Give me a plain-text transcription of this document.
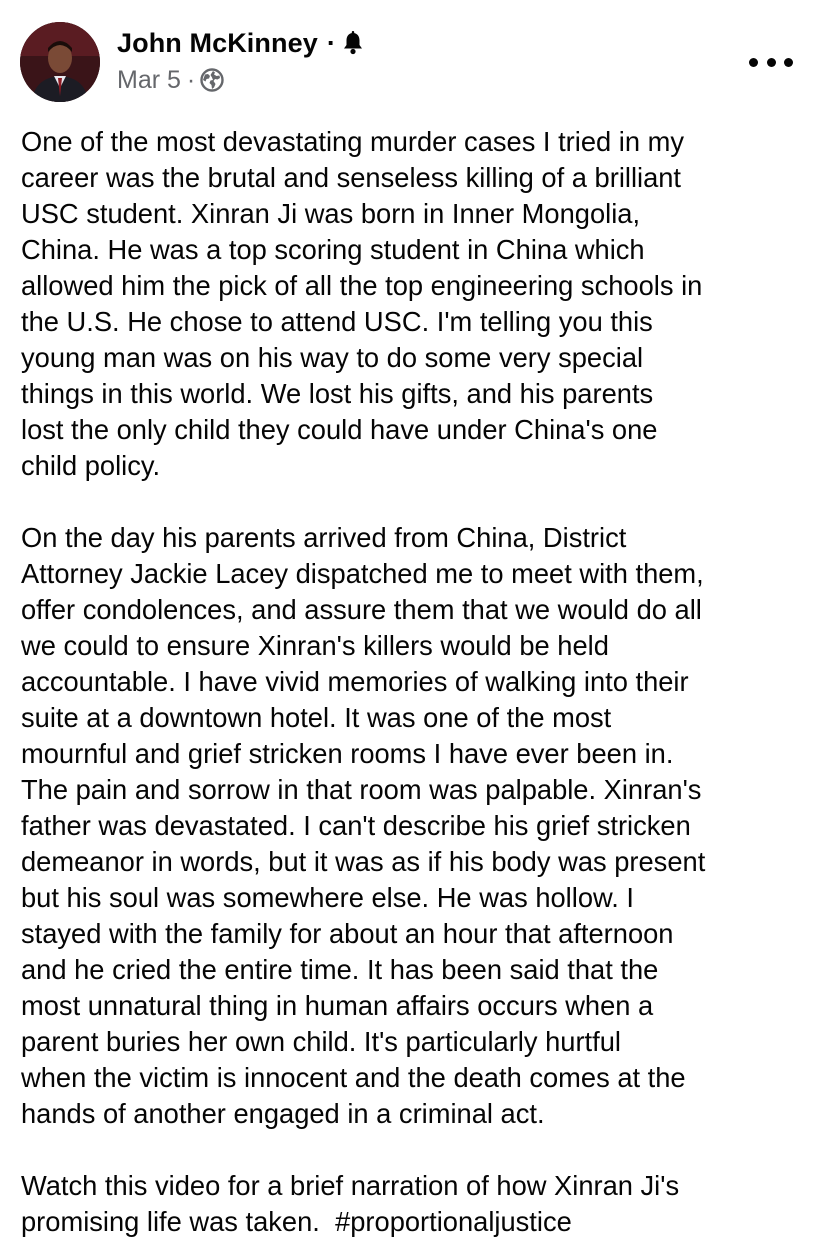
John McKinney ·
Mar 5 ·
One of the most devastating murder cases I tried in my
career was the brutal and senseless killing of a brilliant
USC student. Xinran Ji was born in Inner Mongolia,
China. He was a top scoring student in China which
allowed him the pick of all the top engineering schools in
the U.S. He chose to attend USC. I'm telling you this
young man was on his way to do some very special
things in this world. We lost his gifts, and his parents
lost the only child they could have under China's one
child policy.
On the day his parents arrived from China, District
Attorney Jackie Lacey dispatched me to meet with them,
offer condolences, and assure them that we would do all
we could to ensure Xinran's killers would be held
accountable. I have vivid memories of walking into their
suite at a downtown hotel. It was one of the most
mournful and grief stricken rooms I have ever been in.
The pain and sorrow in that room was palpable. Xinran's
father was devastated. I can't describe his grief stricken
demeanor in words, but it was as if his body was present
but his soul was somewhere else. He was hollow. I
stayed with the family for about an hour that afternoon
and he cried the entire time. It has been said that the
most unnatural thing in human affairs occurs when a
parent buries her own child. It's particularly hurtful
when the victim is innocent and the death comes at the
hands of another engaged in a criminal act.
Watch this video for a brief narration of how Xinran Ji's
promising life was taken.  #proportionaljustice
